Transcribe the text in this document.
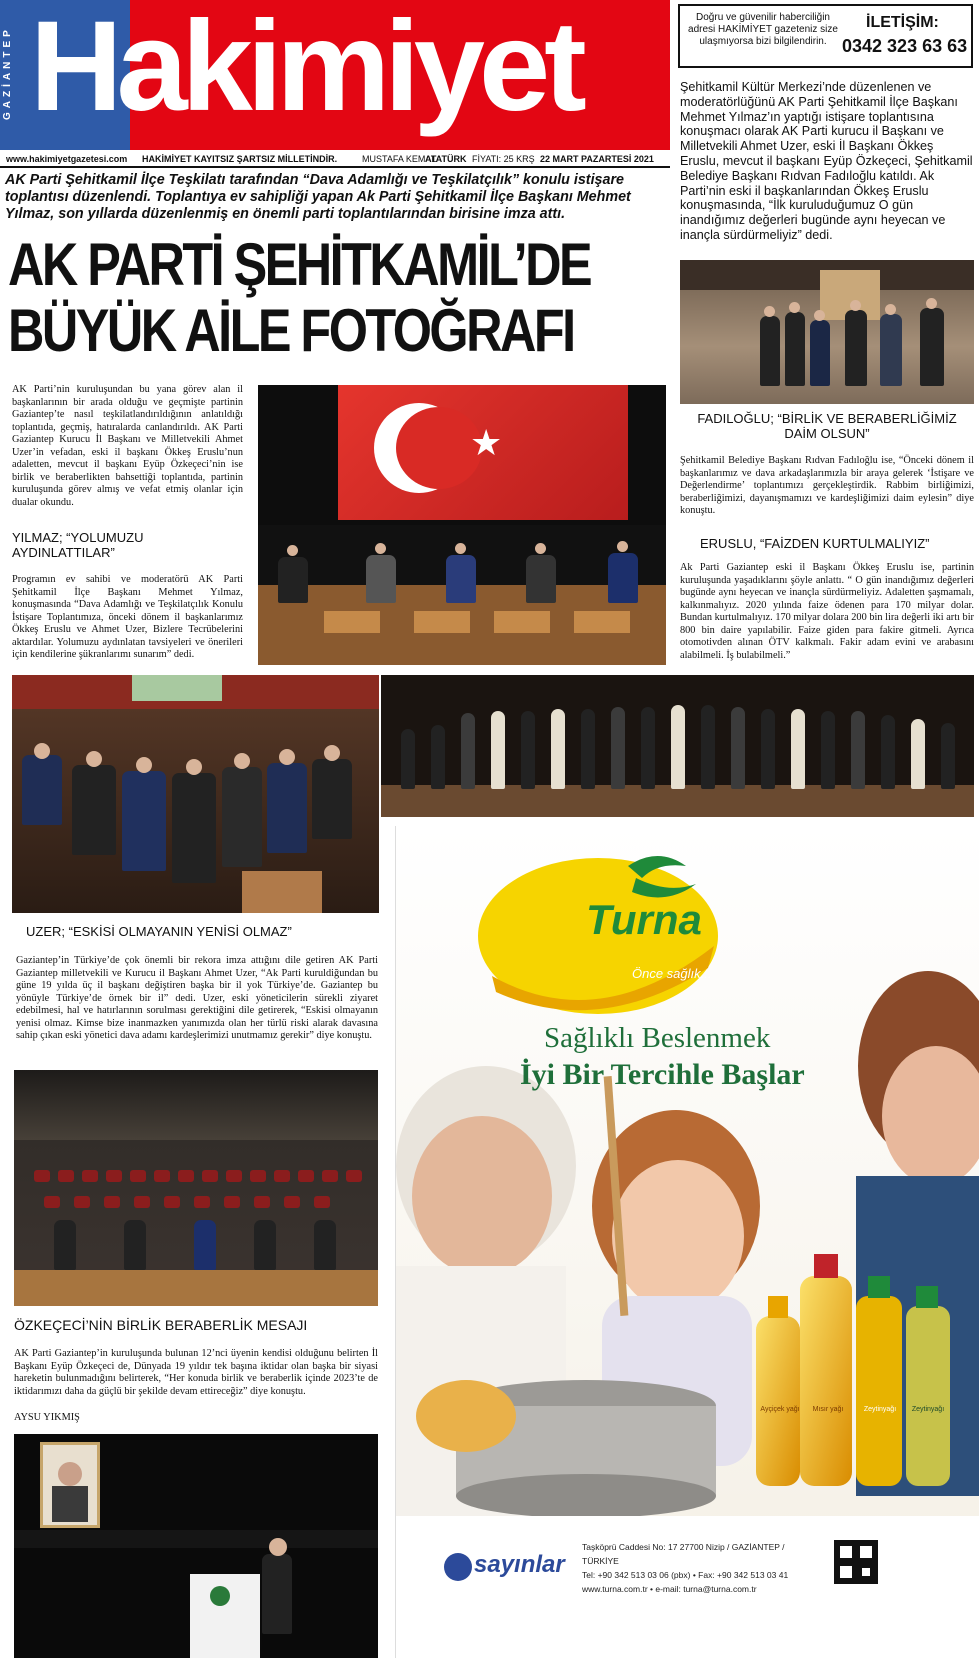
GAZİANTEP Hakimiyet
www.hakimiyetgazetesi.com HAKİMİYET KAYITSIZ ŞARTSIZ MİLLETİNDİR.	MUSTAFA KEMAL
ATATÜRK FİYATI: 25 KRŞ 22 MART PAZARTESİ 2021
Doğru ve güvenilir haberciliğin adresi HAKİMİYET gazeteniz size ulaşmıyorsa bizi bilgilendirin.
İLETİŞİM:
0342 323 63 63
AK Parti Şehitkamil İlçe Teşkilatı tarafından “Dava Adamlığı ve Teşkilatçılık” konulu istişare toplantısı düzenlendi. Toplantıya ev sahipliği yapan Ak Parti Şehitkamil İlçe Başkanı Mehmet Yılmaz, son yıllarda düzenlenmiş en önemli parti toplantılarından birisine imza attı.
AK PARTİ ŞEHİTKAMİL’DE
BÜYÜK AİLE FOTOĞRAFI
Şehitkamil Kültür Merkezi’nde düzenlenen ve moderatörlüğünü AK Parti Şehitkamil İlçe Başkanı Mehmet Yılmaz’ın yaptığı istişare toplantısına konuşmacı olarak AK Parti kurucu il Başkanı ve Milletvekili Ahmet Uzer, eski İl Başkanı Ökkeş Eruslu, mevcut il başkanı Eyüp Özkeçeci, Şehitkamil Belediye Başkanı Rıdvan Fadıloğlu katıldı. Ak Parti’nin eski il başkanlarından Ökkeş Eruslu konuşmasında, “İlk kuruluduğumuz O gün inandığımız değerleri bugünde aynı heyecan ve inançla sürdürmeliyiz” dedi.
AK Parti’nin kuruluşundan bu yana görev alan il başkanlarının bir arada olduğu ve geçmişte partinin Gaziantep’te nasıl teşkilatlandırıldığının anlatıldığı toplantıda, geçmiş, hatıralarda canlandırıldı. AK Parti Gaziantep Kurucu İl Başkanı ve Milletvekili Ahmet Uzer’in vefadan, eski il başkanı Ökkeş Eruslu’nun adaletten, mevcut il başkanı Eyüp Özkeçeci’nin ise birlik ve beraberlikten bahsettiği toplantıda, partinin kuruluşunda görev almış ve vefat etmiş olanlar için dualar okundu.
YILMAZ; “YOLUMUZU AYDINLATTILAR”
Programın ev sahibi ve moderatörü AK Parti Şehitkamil İlçe Başkanı Mehmet Yılmaz, konuşmasında “Dava Adamlığı ve Teşkilatçılık Konulu İstişare Toplantımıza, önceki dönem il başkanlarımız Ökkeş Eruslu ve Ahmet Uzer, Bizlere Tecrübelerini aktardılar. Yolumuzu aydınlatan tavsiyeleri ve önerileri için kendilerine şükranlarımı sunarım” dedi.
FADILOĞLU; “BİRLİK VE BERABERLİĞİMİZ DAİM OLSUN”
Şehitkamil Belediye Başkanı Rıdvan Fadıloğlu ise, “Önceki dönem il başkanlarımız ve dava arkadaşlarımızla bir araya gelerek ‘İstişare ve Değerlendirme’ toplantımızı gerçekleştirdik. Rabbim birliğimizi, beraberliğimizi, dayanışmamızı ve kardeşliğimizi daim eylesin” diye konuştu.
ERUSLU, “FAİZDEN KURTULMALIYIZ”
Ak Parti Gaziantep eski il Başkanı Ökkeş Eruslu ise, partinin kuruluşunda yaşadıklarını şöyle anlattı. “ O gün inandığımız değerleri bugünde aynı heyecan ve inançla sürdürmeliyiz. Adaletten şaşmamalı, kalkınmalıyız. 2020 yılında faize ödenen para 170 milyar dolar. Bundan kurtulmalıyız. 170 milyar dolara 200 bin lira değerli iki artı bir 800 bin daire yapılabilir. Faize giden para fakire gitmeli. Ayrıca otomotivden alınan ÖTV kalkmalı. Fakir adam evini ve arabasını alabilmeli. İş bulabilmeli.”
UZER; “ESKİSİ OLMAYANIN YENİSİ OLMAZ”
Gaziantep’in Türkiye’de çok önemli bir rekora imza attığını dile getiren AK Parti Gaziantep milletvekili ve Kurucu il Başkanı Ahmet Uzer, “Ak Parti kuruldiğundan bu güne 19 yılda üç il başkanı değiştiren başka bir il yok Türkiye’de. Gaziantep bu yönüyle Türkiye’de örnek bir il” dedi. Uzer, eski yöneticilerin sürekli ziyaret edebilmesi, hal ve hatırlarının sorulması gerektiğini dile getirerek, “Eskisi olmayanın yenisi olmaz. Kimse bize inanmazken yanımızda olan her türlü riski alarak davasına sahip çıkan eski yönetici dava adamı kardeşlerimizi unutmamız gerekir” diye konuştu.
ÖZKEÇECİ’NİN BİRLİK BERABERLİK MESAJI
AK Parti Gaziantep’in kuruluşunda bulunan 12’nci üyenin kendisi olduğunu belirten İl Başkanı Eyüp Özkeçeci de, Dünyada 19 yıldır tek başına iktidar olan başka bir siyasi hareketin bulunmadığını belirterek, “Her konuda birlik ve beraberlik içinde 2023’te de iktidarımızı daha da güçlü bir şekilde devam ettireceğiz” diye konuştu.
AYSU YIKMIŞ
Turna
Önce sağlık...
Sağlıklı Beslenmek
İyi Bir Tercihle Başlar
sayınlar
Taşköprü Caddesi No: 17 27700 Nizip / GAZİANTEP / TÜRKİYE
Tel: +90 342 513 03 06 (pbx) • Fax: +90 342 513 03 41
www.turna.com.tr • e-mail: turna@turna.com.tr
Ayçiçek yağı	Mısır yağı	Zeytinyağı	Zeytinyağı
